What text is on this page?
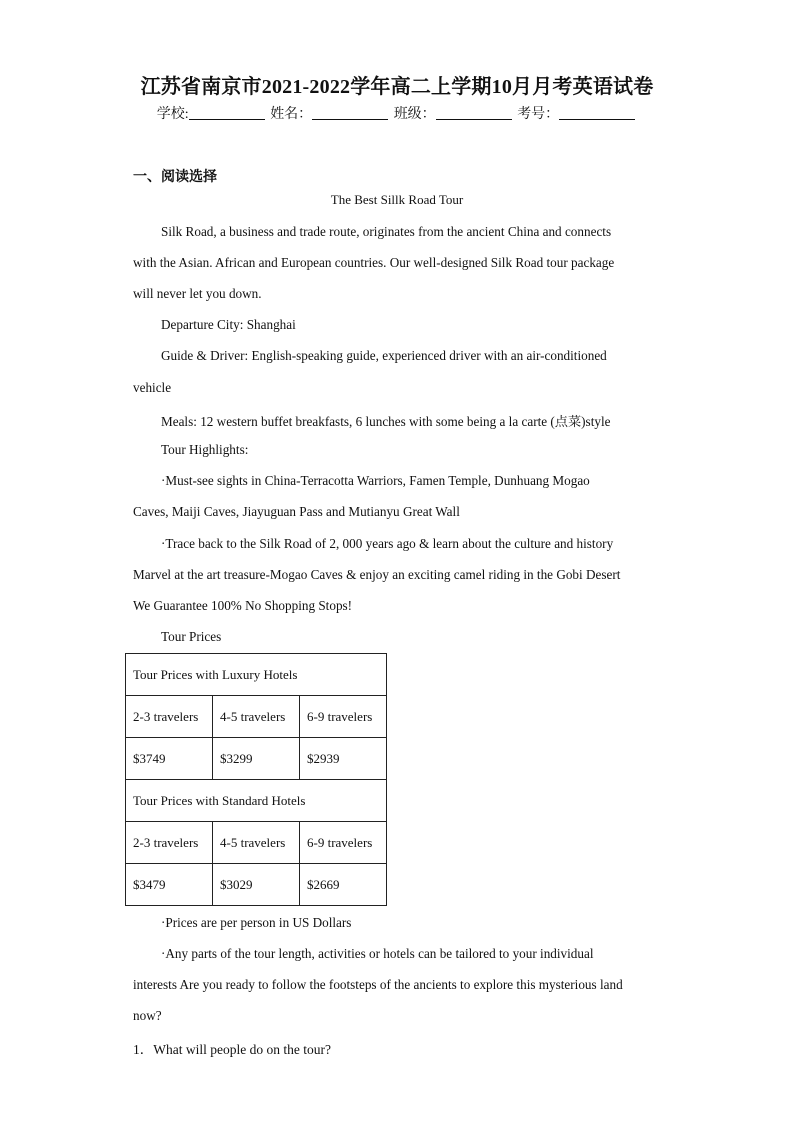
江苏省南京市2021-2022学年高二上学期10月月考英语试卷
学校:	姓名：	班级：	考号：
一、阅读选择
The Best Sillk Road Tour
Silk Road, a business and trade route, originates from the ancient China and connects
with the Asian. African and European countries. Our well-designed Silk Road tour package
will never let you down.
Departure City: Shanghai
Guide & Driver: English-speaking guide, experienced driver with an air-conditioned
vehicle
Meals: 12 western buffet breakfasts, 6 lunches with some being a la carte (点菜)style
Tour Highlights:
·Must-see sights in China-Terracotta Warriors, Famen Temple, Dunhuang Mogao
Caves, Maiji Caves, Jiayuguan Pass and Mutianyu Great Wall
·Trace back to the Silk Road of 2, 000 years ago & learn about the culture and history
Marvel at the art treasure-Mogao Caves & enjoy an exciting camel riding in the Gobi Desert
We Guarantee 100% No Shopping Stops!
Tour Prices
Tour Prices with Luxury Hotels		
2-3 travelers	4-5 travelers	6-9 travelers
$3749	$3299	$2939
Tour Prices with Standard Hotels		
2-3 travelers	4-5 travelers	6-9 travelers
$3479	$3029	$2669
·Prices are per person in US Dollars
·Any parts of the tour length, activities or hotels can be tailored to your individual
interests Are you ready to follow the footsteps of the ancients to explore this mysterious land
now?
1．What will people do on the tour?
